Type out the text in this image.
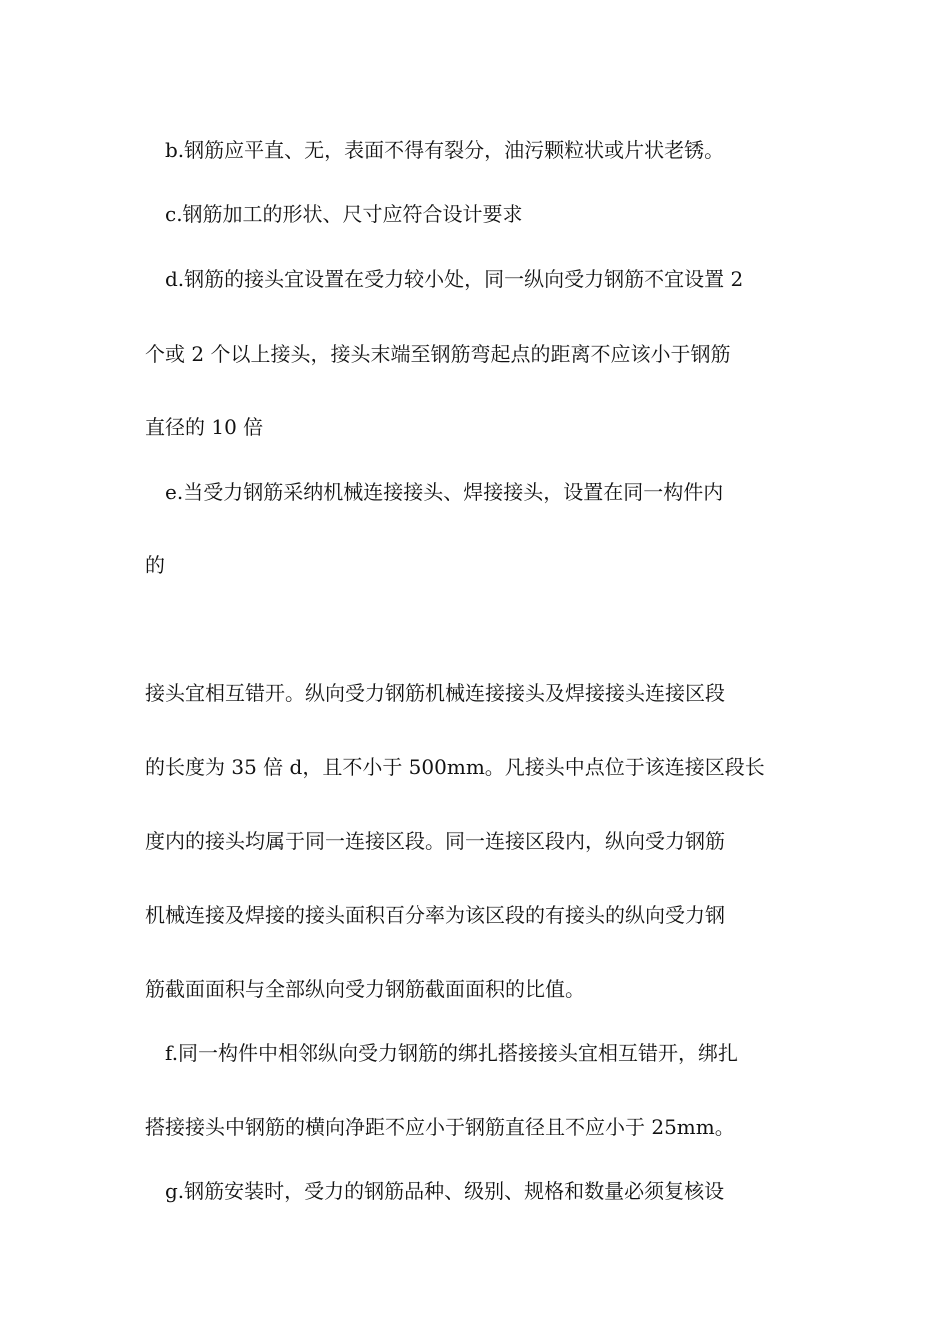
b.钢筋应平直、无，表面不得有裂分，油污颗粒状或片状老锈。
c.钢筋加工的形状、尺寸应符合设计要求
d.钢筋的接头宜设置在受力较小处，同一纵向受力钢筋不宜设置 2
个或 2 个以上接头，接头末端至钢筋弯起点的距离不应该小于钢筋
直径的 10 倍
e.当受力钢筋采纳机械连接接头、焊接接头，设置在同一构件内
的
接头宜相互错开。纵向受力钢筋机械连接接头及焊接接头连接区段
的长度为 35 倍 d，且不小于 500mm。凡接头中点位于该连接区段长
度内的接头均属于同一连接区段。同一连接区段内，纵向受力钢筋
机械连接及焊接的接头面积百分率为该区段的有接头的纵向受力钢
筋截面面积与全部纵向受力钢筋截面面积的比值。
f.同一构件中相邻纵向受力钢筋的绑扎搭接接头宜相互错开，绑扎
搭接接头中钢筋的横向净距不应小于钢筋直径且不应小于 25mm。
g.钢筋安装时，受力的钢筋品种、级别、规格和数量必须复核设
